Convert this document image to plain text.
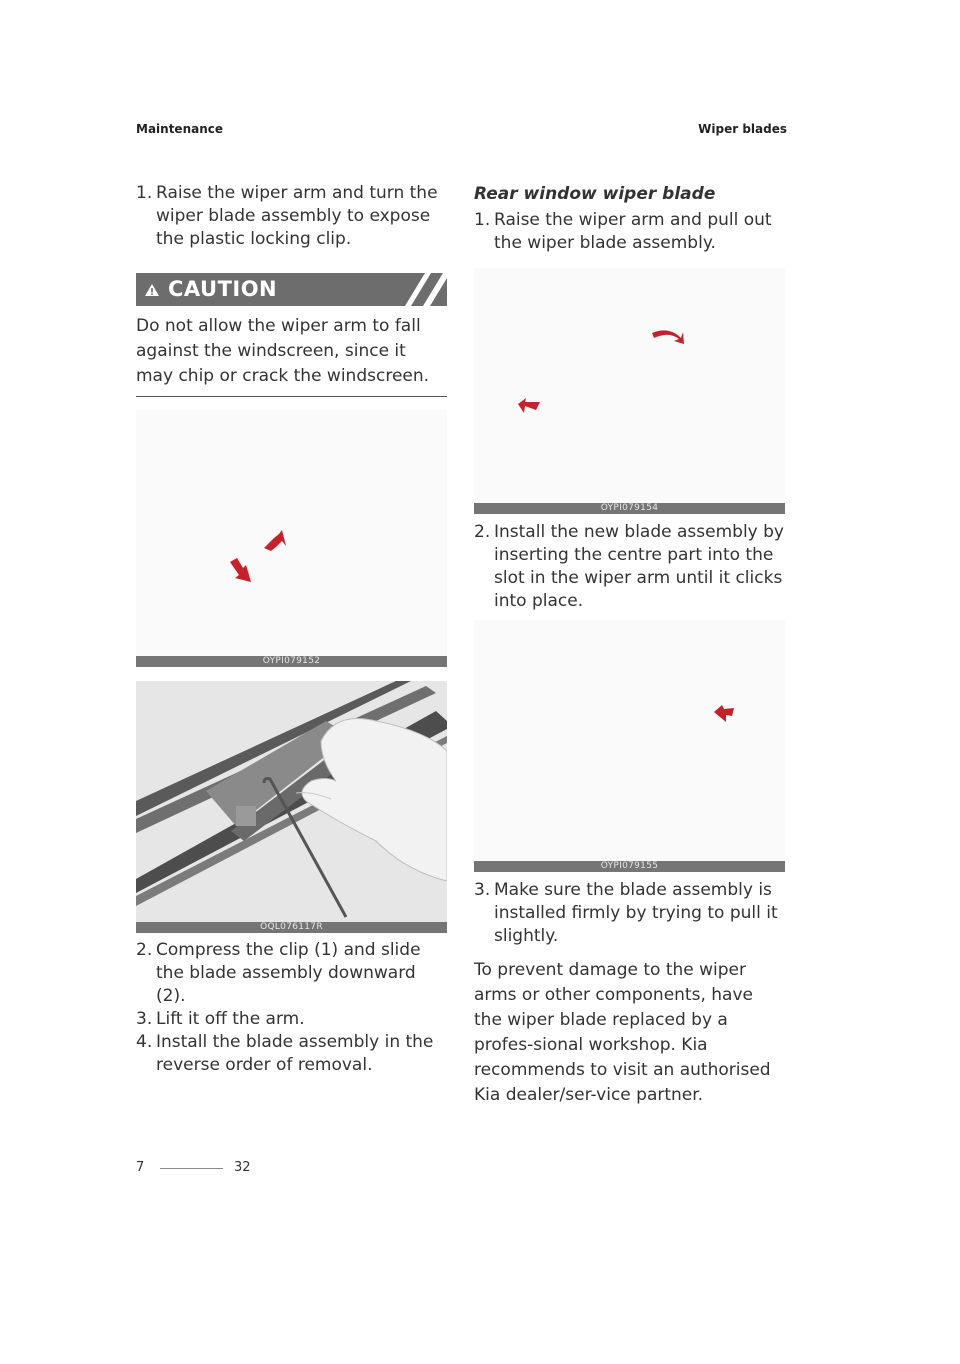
Maintenance	Wiper blades

1. Raise the wiper arm and turn the wiper blade assembly to expose the plastic locking clip.

CAUTION

Do not allow the wiper arm to fall against the windscreen, since it may chip or crack the windscreen.

OYPI079152
OQL076117R

2. Compress the clip (1) and slide the blade assembly downward (2).

3. Lift it off the arm.

4. Install the blade assembly in the reverse order of removal.

Rear window wiper blade

1. Raise the wiper arm and pull out the wiper blade assembly.

OYPI079154

2. Install the new blade assembly by inserting the centre part into the slot in the wiper arm until it clicks into place.

OYPI079155

3. Make sure the blade assembly is installed firmly by trying to pull it slightly.

To prevent damage to the wiper arms or other components, have the wiper blade replaced by a profes-sional workshop. Kia recommends to visit an authorised Kia dealer/ser-vice partner.

7	32
